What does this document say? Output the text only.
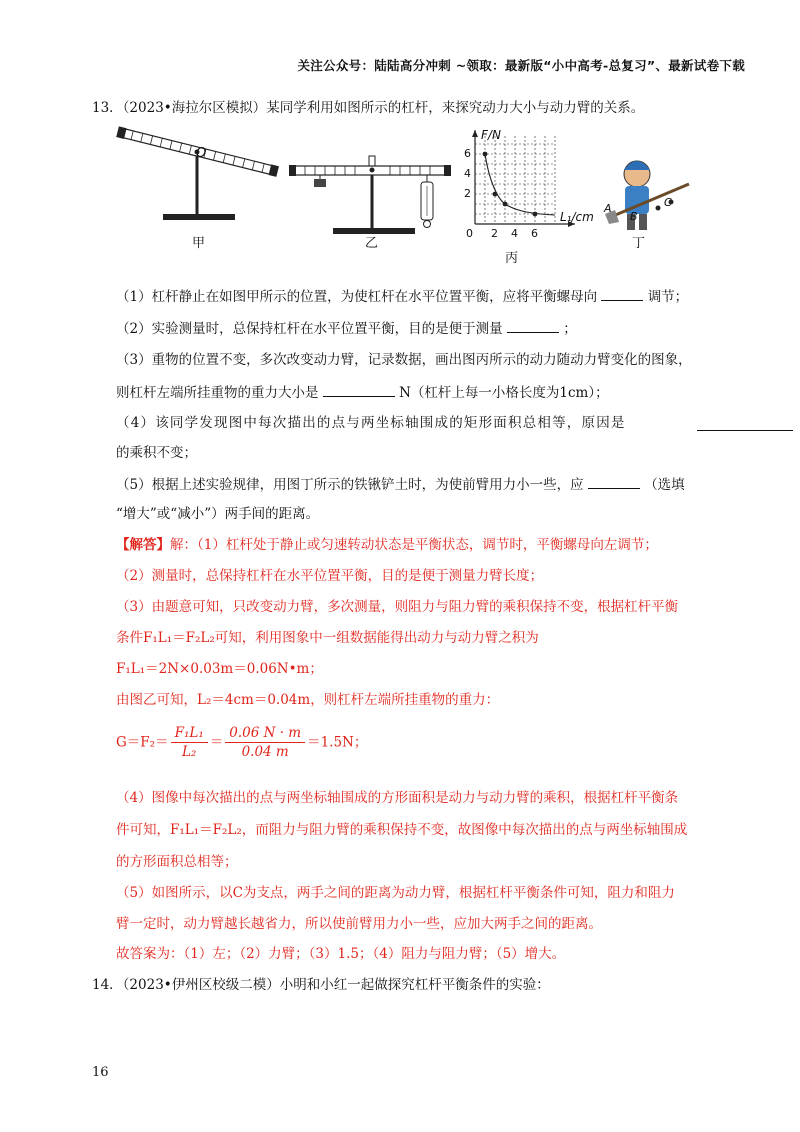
关注公众号：陆陆高分冲刺 ~领取：最新版“小中高考-总复习”、最新试卷下载
13．（2023•海拉尔区模拟）某同学利用如图所示的杠杆，来探究动力大小与动力臂的关系。
O
甲	乙
丙
丁
F/N
L₁/cm
6
4
2
0 2 4 6
A
B
C
（1）杠杆静止在如图甲所示的位置，为使杠杆在水平位置平衡，应将平衡螺母向	调节；
（2）实验测量时，总保持杠杆在水平位置平衡，目的是便于测量	；
（3）重物的位置不变，多次改变动力臂，记录数据，画出图丙所示的动力随动力臂变化的图象，
则杠杆左端所挂重物的重力大小是	N（杠杆上每一小格长度为1cm）；
（4）该同学发现图中每次描出的点与两坐标轴围成的矩形面积总相等，原因是
的乘积不变；
（5）根据上述实验规律，用图丁所示的铁锹铲土时，为使前臂用力小一些，应	（选填
“增大”或“减小”）两手间的距离。
【解答】解：（1）杠杆处于静止或匀速转动状态是平衡状态，调节时，平衡螺母向左调节；
（2）测量时，总保持杠杆在水平位置平衡，目的是便于测量力臂长度；
（3）由题意可知，只改变动力臂，多次测量，则阻力与阻力臂的乘积保持不变，根据杠杆平衡
条件F₁L₁＝F₂L₂可知，利用图象中一组数据能得出动力与动力臂之积为
F₁L₁＝2N×0.03m＝0.06N•m；
由图乙可知，L₂＝4cm＝0.04m，则杠杆左端所挂重物的重力：
$G=F_2= \frac{\text{F₁L₁}}{\text{L₂}} = \frac{0.06 N \cdot m}{0.04 m} =1.5N$；
（4）图像中每次描出的点与两坐标轴围成的方形面积是动力与动力臂的乘积，根据杠杆平衡条
件可知，F₁L₁＝F₂L₂，而阻力与阻力臂的乘积保持不变，故图像中每次描出的点与两坐标轴围成
的方形面积总相等；
（5）如图所示，以C为支点，两手之间的距离为动力臂，根据杠杆平衡条件可知，阻力和阻力
臂一定时，动力臂越长越省力，所以使前臂用力小一些，应加大两手之间的距离。
故答案为：（1）左；（2）力臂；（3）1.5；（4）阻力与阻力臂；（5）增大。
14．（2023•伊州区校级二模）小明和小红一起做探究杠杆平衡条件的实验：
16
